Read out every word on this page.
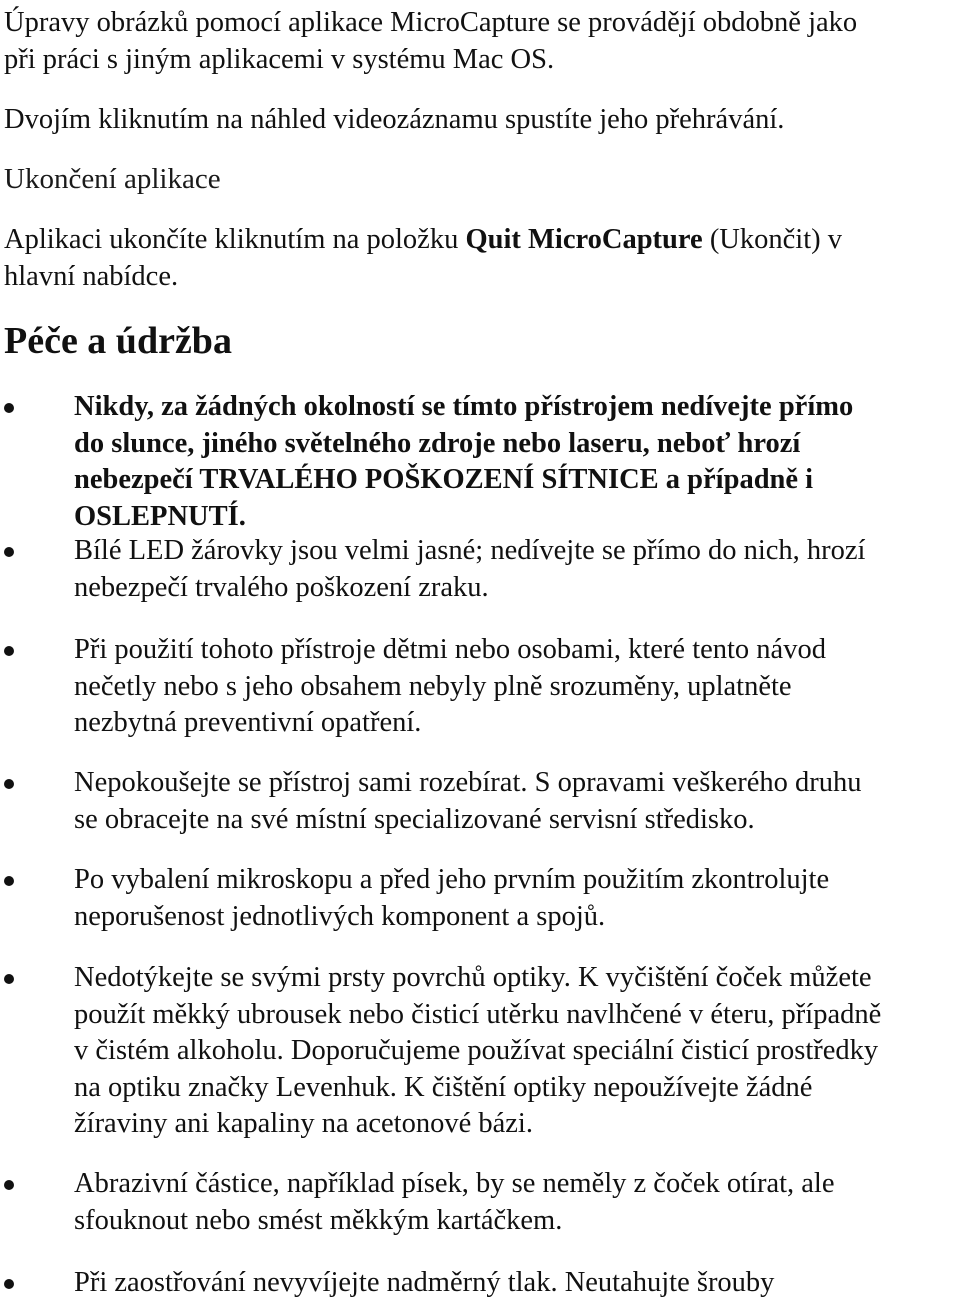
Úpravy obrázků pomocí aplikace MicroCapture se provádějí obdobně jako

při práci s jiným aplikacemi v systému Mac OS.

Dvojím kliknutím na náhled videozáznamu spustíte jeho přehrávání.

Ukončení aplikace

Aplikaci ukončíte kliknutím na položku Quit MicroCapture (Ukončit) v

hlavní nabídce.

Péče a údržba
Nikdy, za žádných okolností se tímto přístrojem nedívejte přímo
do slunce, jiného světelného zdroje nebo laseru, neboť hrozí
nebezpečí TRVALÉHO POŠKOZENÍ SÍTNICE a případně i
OSLEPNUTÍ.
Bílé LED žárovky jsou velmi jasné; nedívejte se přímo do nich, hrozí
nebezpečí trvalého poškození zraku.
Při použití tohoto přístroje dětmi nebo osobami, které tento návod
nečetly nebo s jeho obsahem nebyly plně srozuměny, uplatněte
nezbytná preventivní opatření.
Nepokoušejte se přístroj sami rozebírat. S opravami veškerého druhu
se obracejte na své místní specializované servisní středisko.
Po vybalení mikroskopu a před jeho prvním použitím zkontrolujte
neporušenost jednotlivých komponent a spojů.
Nedotýkejte se svými prsty povrchů optiky. K vyčištění čoček můžete
použít měkký ubrousek nebo čisticí utěrku navlhčené v éteru, případně
v čistém alkoholu. Doporučujeme používat speciální čisticí prostředky
na optiku značky Levenhuk. K čištění optiky nepoužívejte žádné
žíraviny ani kapaliny na acetonové bázi.
Abrazivní částice, například písek, by se neměly z čoček otírat, ale
sfouknout nebo smést měkkým kartáčkem.
Při zaostřování nevyvíjejte nadměrný tlak. Neutahujte šrouby
